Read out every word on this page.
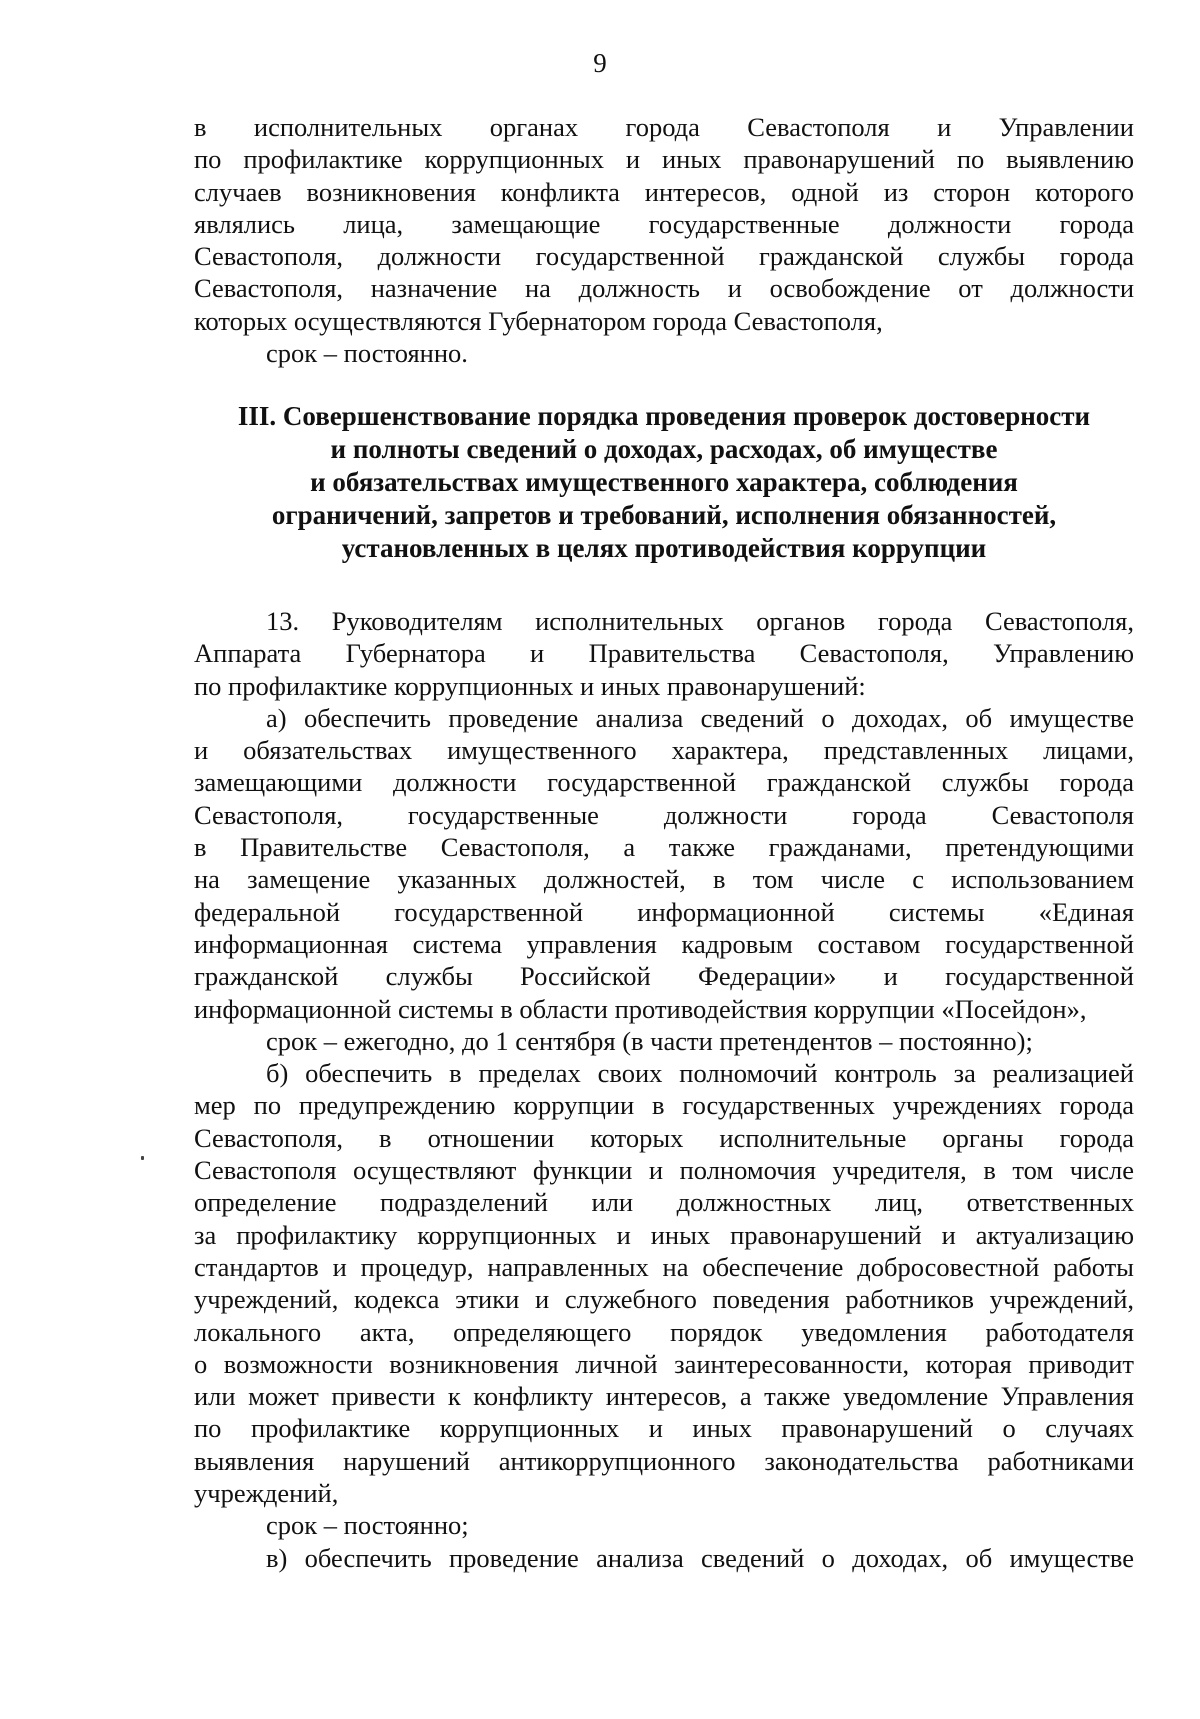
9
в исполнительных органах города Севастополя и Управлении
по профилактике коррупционных и иных правонарушений по выявлению
случаев возникновения конфликта интересов, одной из сторон которого
являлись лица, замещающие государственные должности города
Севастополя, должности государственной гражданской службы города
Севастополя, назначение на должность и освобождение от должности
которых осуществляются Губернатором города Севастополя,
срок – постоянно.
III. Совершенствование порядка проведения проверок достоверности
и полноты сведений о доходах, расходах, об имуществе
и обязательствах имущественного характера, соблюдения
ограничений, запретов и требований, исполнения обязанностей,
установленных в целях противодействия коррупции
13. Руководителям исполнительных органов города Севастополя,
Аппарата Губернатора и Правительства Севастополя, Управлению
по профилактике коррупционных и иных правонарушений:
а) обеспечить проведение анализа сведений о доходах, об имуществе
и обязательствах имущественного характера, представленных лицами,
замещающими должности государственной гражданской службы города
Севастополя, государственные должности города Севастополя
в Правительстве Севастополя, а также гражданами, претендующими
на замещение указанных должностей, в том числе с использованием
федеральной государственной информационной системы «Единая
информационная система управления кадровым составом государственной
гражданской службы Российской Федерации» и государственной
информационной системы в области противодействия коррупции «Посейдон»,
срок – ежегодно, до 1 сентября (в части претендентов – постоянно);
б) обеспечить в пределах своих полномочий контроль за реализацией
мер по предупреждению коррупции в государственных учреждениях города
Севастополя, в отношении которых исполнительные органы города
Севастополя осуществляют функции и полномочия учредителя, в том числе
определение подразделений или должностных лиц, ответственных
за профилактику коррупционных и иных правонарушений и актуализацию
стандартов и процедур, направленных на обеспечение добросовестной работы
учреждений, кодекса этики и служебного поведения работников учреждений,
локального акта, определяющего порядок уведомления работодателя
о возможности возникновения личной заинтересованности, которая приводит
или может привести к конфликту интересов, а также уведомление Управления
по профилактике коррупционных и иных правонарушений о случаях
выявления нарушений антикоррупционного законодательства работниками
учреждений,
срок – постоянно;
в) обеспечить проведение анализа сведений о доходах, об имуществе
